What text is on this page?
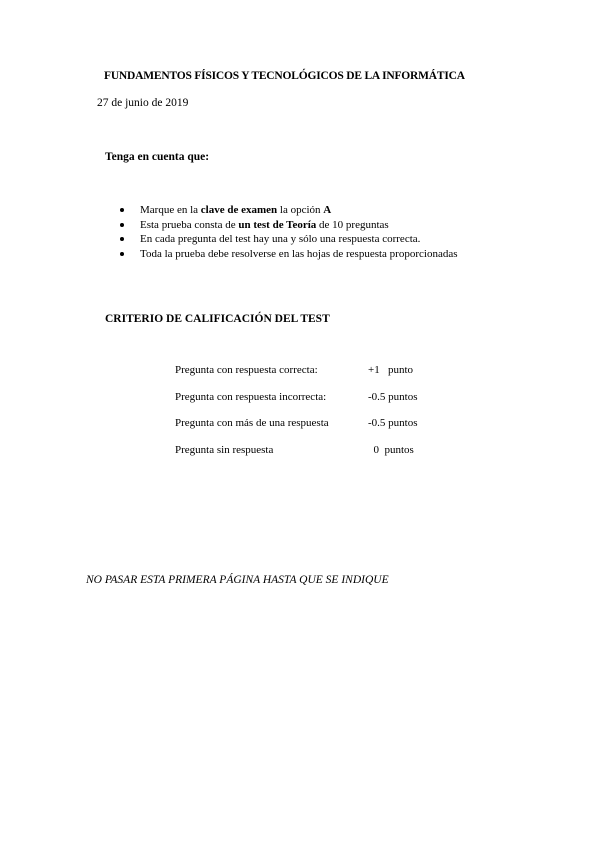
FUNDAMENTOS FÍSICOS Y TECNOLÓGICOS DE LA INFORMÁTICA
27 de junio de 2019
Tenga en cuenta que:
Marque en la clave de examen la opción A
Esta prueba consta de un test de Teoría de 10 preguntas
En cada pregunta del test hay una y sólo una respuesta correcta.
Toda la prueba debe resolverse en las hojas de respuesta proporcionadas
CRITERIO DE CALIFICACIÓN DEL TEST
Pregunta con respuesta correcta:	+1   punto
Pregunta con respuesta incorrecta:	-0.5 puntos
Pregunta con más de una respuesta	-0.5 puntos
Pregunta sin respuesta	0  puntos
NO PASAR ESTA PRIMERA PÁGINA HASTA QUE SE INDIQUE
